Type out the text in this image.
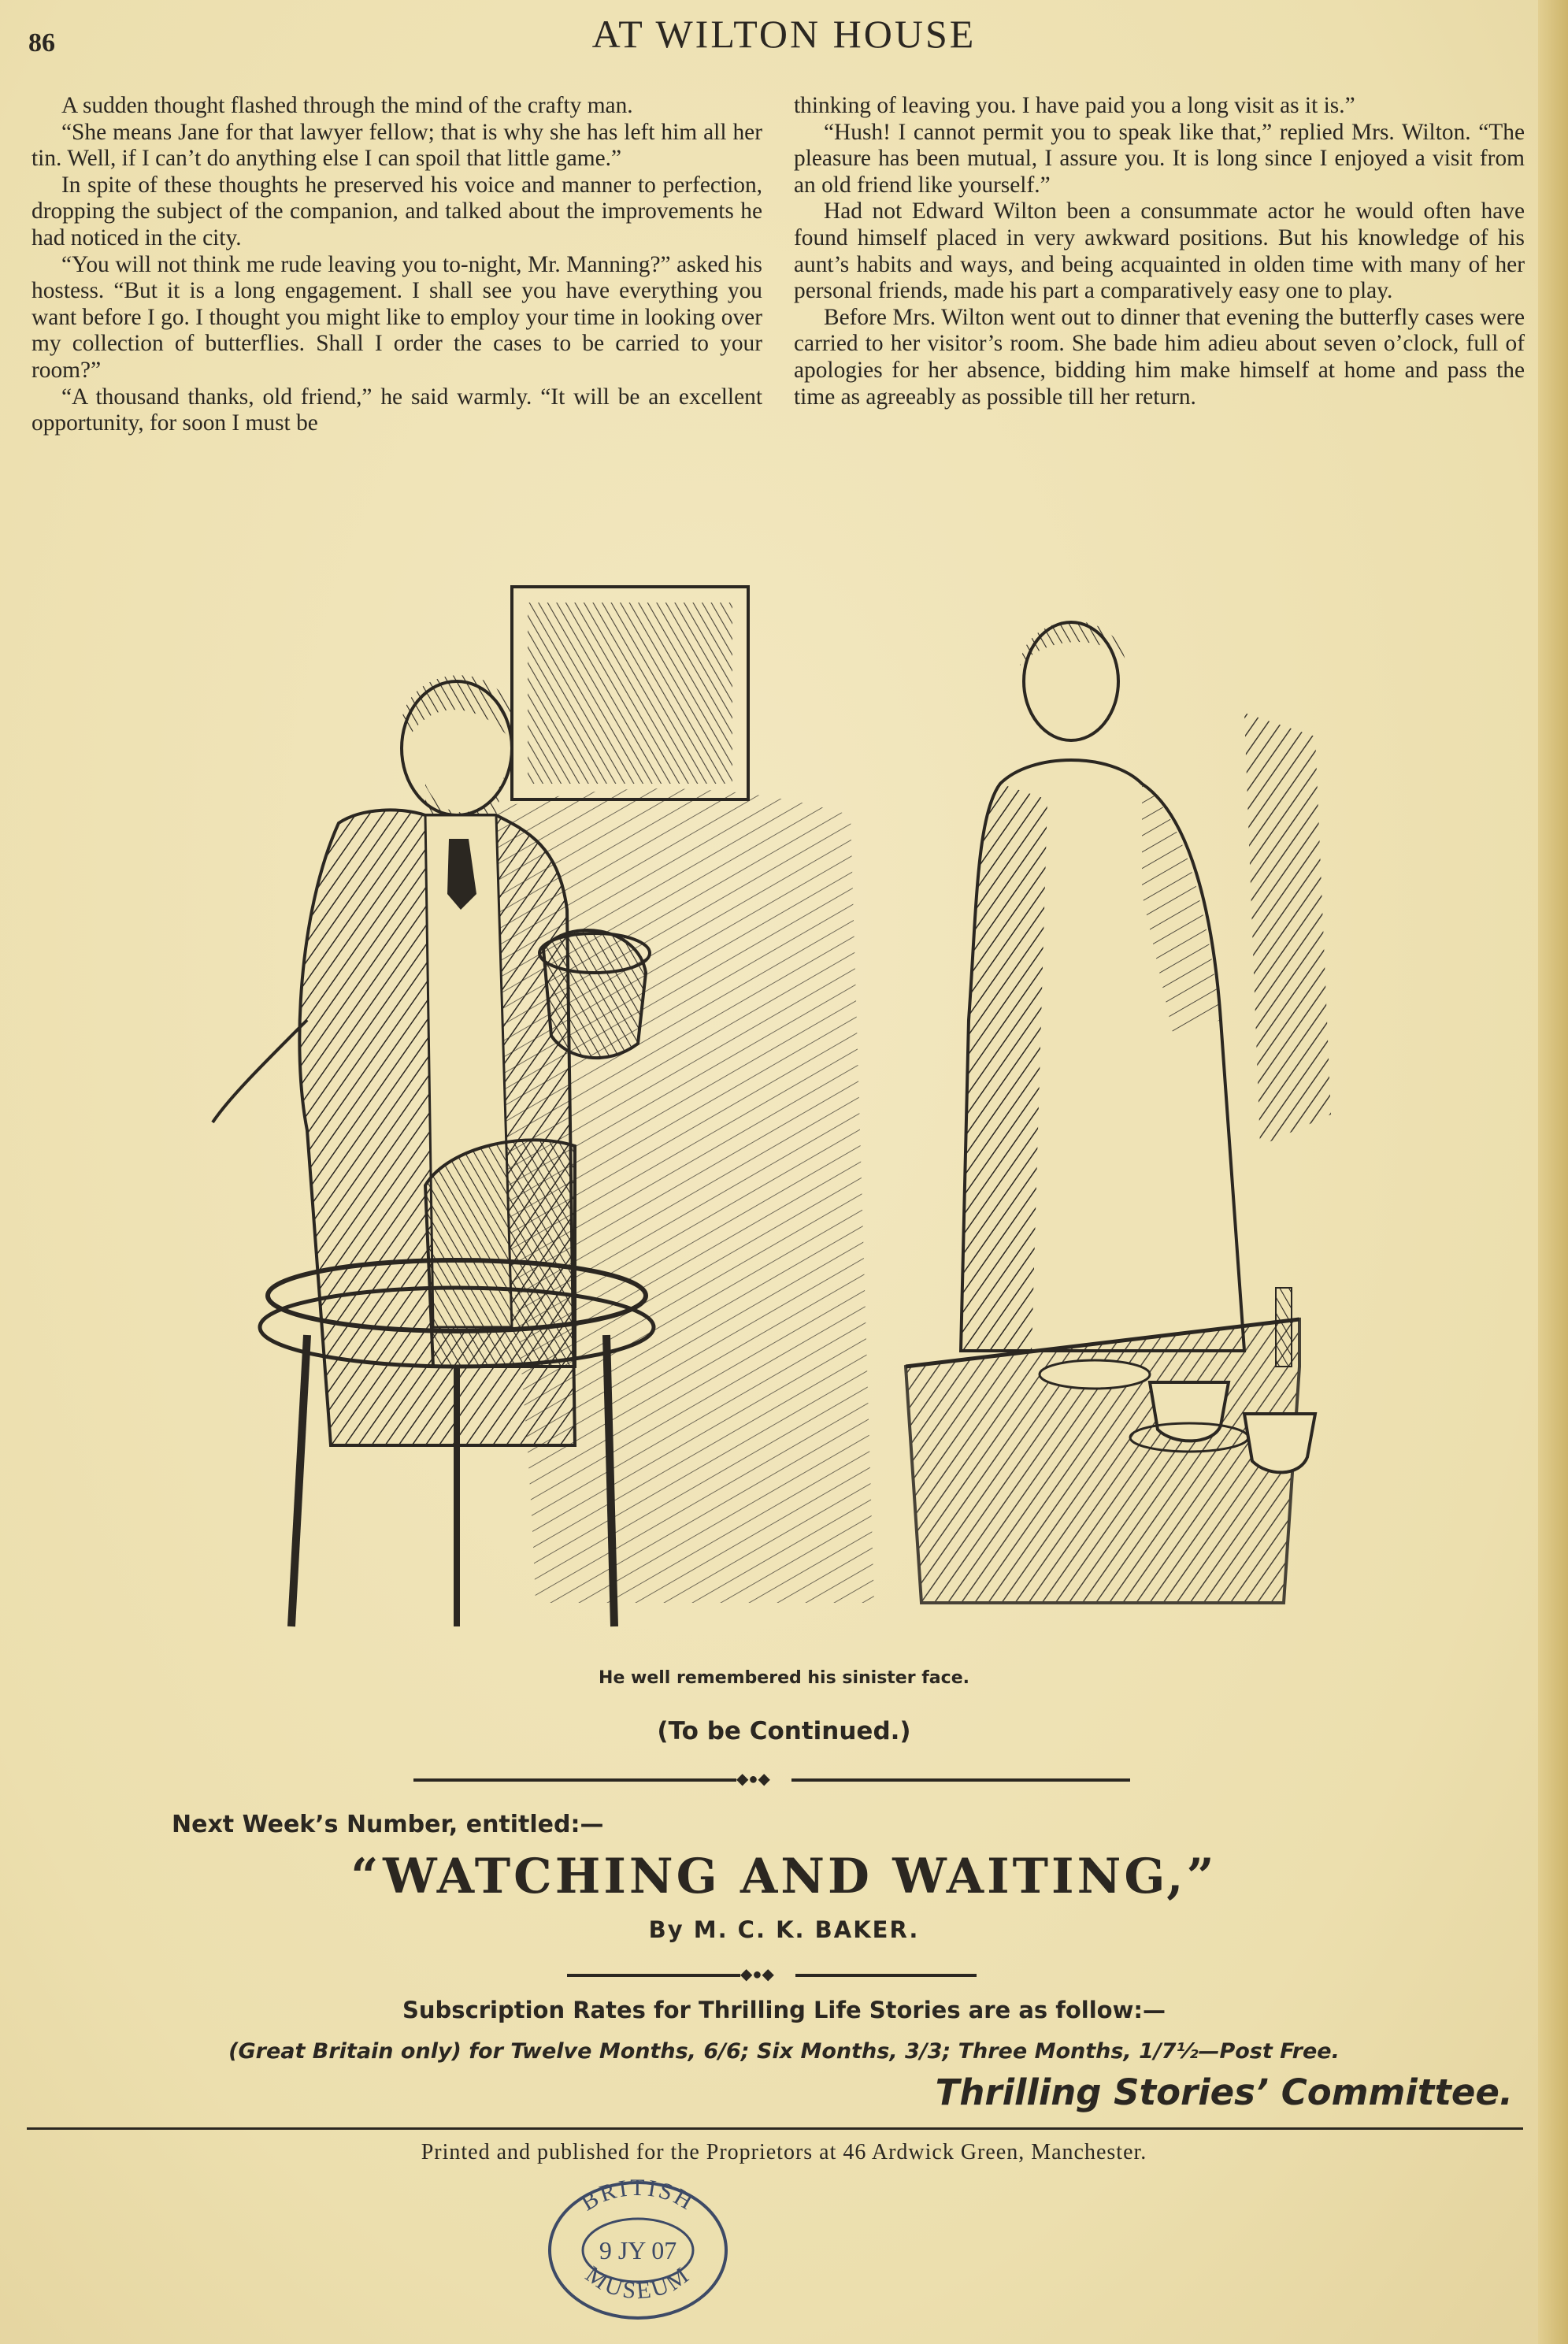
86	AT WILTON HOUSE

A sudden thought flashed through the mind of the crafty man.

“She means Jane for that lawyer fellow; that is why she has left him all her tin. Well, if I can’t do anything else I can spoil that little game.”

In spite of these thoughts he preserved his voice and manner to perfection, dropping the subject of the companion, and talked about the improvements he had noticed in the city.

“You will not think me rude leaving you to-night, Mr. Manning?” asked his hostess. “But it is a long engagement. I shall see you have everything you want before I go. I thought you might like to employ your time in looking over my collection of butterflies. Shall I order the cases to be carried to your room?”

“A thousand thanks, old friend,” he said warmly. “It will be an excellent opportunity, for soon I must be

thinking of leaving you. I have paid you a long visit as it is.”

“Hush! I cannot permit you to speak like that,” replied Mrs. Wilton. “The pleasure has been mutual, I assure you. It is long since I enjoyed a visit from an old friend like yourself.”

Had not Edward Wilton been a consummate actor he would often have found himself placed in very awkward positions. But his knowledge of his aunt’s habits and ways, and being acquainted in olden time with many of her personal friends, made his part a comparatively easy one to play.

Before Mrs. Wilton went out to dinner that evening the butterfly cases were carried to her visitor’s room. She bade him adieu about seven o’clock, full of apologies for her absence, bidding him make himself at home and pass the time as agreeably as possible till her return.

He well remembered his sinister face.
(To be Continued.)
◆●◆
Next Week’s Number, entitled:—
“WATCHING AND WAITING,”
By M. C. K. BAKER.
◆●◆
Subscription Rates for Thrilling Life Stories are as follow:—
(Great Britain only) for Twelve Months, 6/6; Six Months, 3/3; Three Months, 1/7½—Post Free.
Thrilling Stories’ Committee.
Printed and published for the Proprietors at 46 Ardwick Green, Manchester.
BRITISH
9 JY 07
MUSEUM
